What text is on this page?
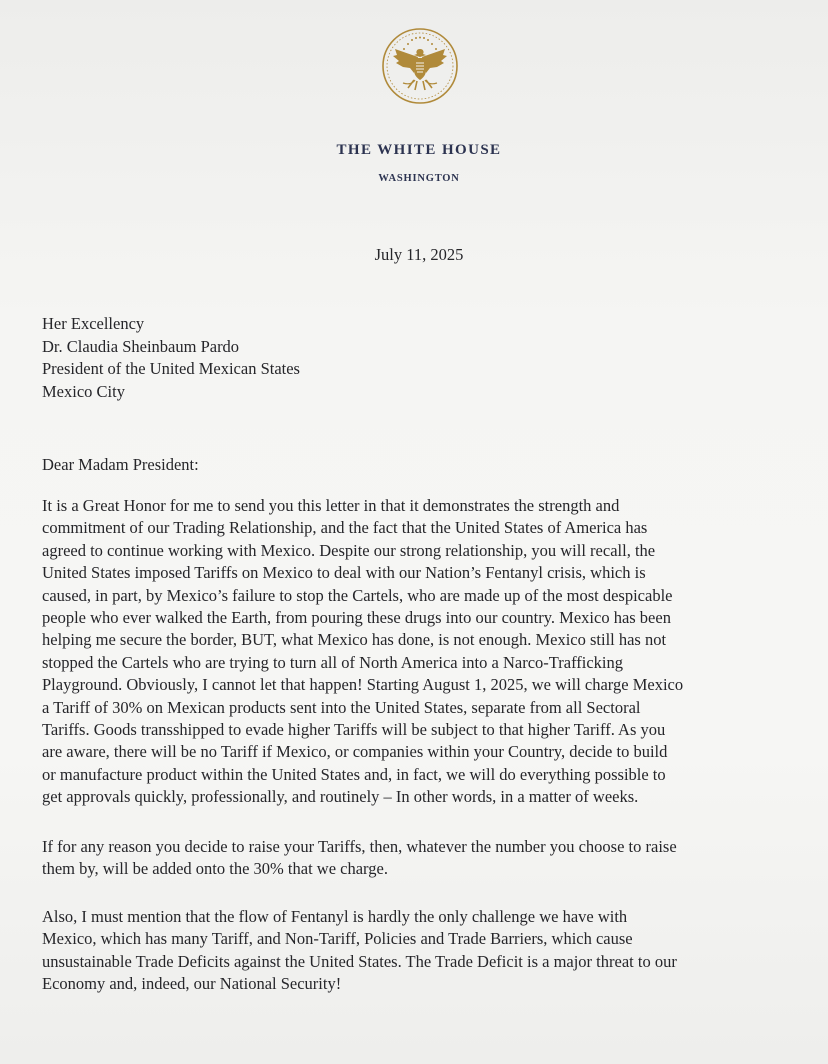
THE WHITE HOUSE
WASHINGTON
July 11, 2025
Her Excellency
Dr. Claudia Sheinbaum Pardo
President of the United Mexican States
Mexico City
Dear Madam President:
It is a Great Honor for me to send you this letter in that it demonstrates the strength and
commitment of our Trading Relationship, and the fact that the United States of America has
agreed to continue working with Mexico. Despite our strong relationship, you will recall, the
United States imposed Tariffs on Mexico to deal with our Nation’s Fentanyl crisis, which is
caused, in part, by Mexico’s failure to stop the Cartels, who are made up of the most despicable
people who ever walked the Earth, from pouring these drugs into our country. Mexico has been
helping me secure the border, BUT, what Mexico has done, is not enough. Mexico still has not
stopped the Cartels who are trying to turn all of North America into a Narco-Trafficking
Playground. Obviously, I cannot let that happen! Starting August 1, 2025, we will charge Mexico
a Tariff of 30% on Mexican products sent into the United States, separate from all Sectoral
Tariffs. Goods transshipped to evade higher Tariffs will be subject to that higher Tariff. As you
are aware, there will be no Tariff if Mexico, or companies within your Country, decide to build
or manufacture product within the United States and, in fact, we will do everything possible to
get approvals quickly, professionally, and routinely – In other words, in a matter of weeks.
If for any reason you decide to raise your Tariffs, then, whatever the number you choose to raise
them by, will be added onto the 30% that we charge.
Also, I must mention that the flow of Fentanyl is hardly the only challenge we have with
Mexico, which has many Tariff, and Non-Tariff, Policies and Trade Barriers, which cause
unsustainable Trade Deficits against the United States. The Trade Deficit is a major threat to our
Economy and, indeed, our National Security!
